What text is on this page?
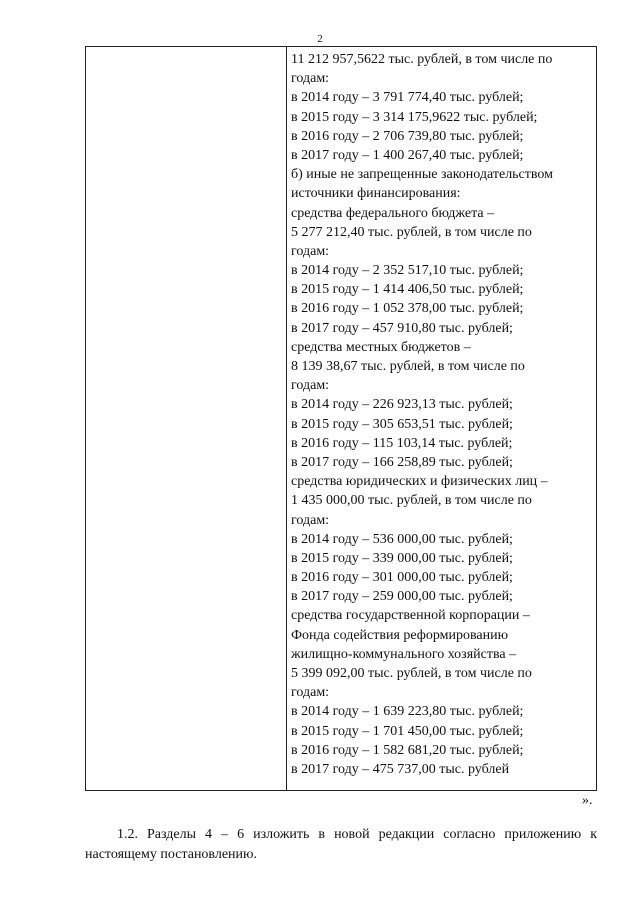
2
11 212 957,5622 тыс. рублей, в том числе по
годам:
в 2014 году – 3 791 774,40 тыс. рублей;
в 2015 году – 3 314 175,9622 тыс. рублей;
в 2016 году – 2 706 739,80 тыс. рублей;
в 2017 году – 1 400 267,40 тыс. рублей;
б) иные не запрещенные законодательством
источники финансирования:
средства федерального бюджета –
5 277 212,40 тыс. рублей, в том числе по
годам:
в 2014 году – 2 352 517,10 тыс. рублей;
в 2015 году – 1 414 406,50 тыс. рублей;
в 2016 году – 1 052 378,00 тыс. рублей;
в 2017 году – 457 910,80 тыс. рублей;
средства местных бюджетов –
8 139 38,67 тыс. рублей, в том числе по
годам:
в 2014 году – 226 923,13 тыс. рублей;
в 2015 году – 305 653,51 тыс. рублей;
в 2016 году – 115 103,14 тыс. рублей;
в 2017 году – 166 258,89 тыс. рублей;
средства юридических и физических лиц –
1 435 000,00 тыс. рублей, в том числе по
годам:
в 2014 году – 536 000,00 тыс. рублей;
в 2015 году – 339 000,00 тыс. рублей;
в 2016 году – 301 000,00 тыс. рублей;
в 2017 году – 259 000,00 тыс. рублей;
средства государственной корпорации –
Фонда содействия реформированию
жилищно-коммунального хозяйства –
5 399 092,00 тыс. рублей, в том числе по
годам:
в 2014 году – 1 639 223,80 тыс. рублей;
в 2015 году – 1 701 450,00 тыс. рублей;
в 2016 году – 1 582 681,20 тыс. рублей;
в 2017 году – 475 737,00 тыс. рублей
».
1.2. Разделы 4 – 6 изложить в новой редакции согласно приложению к настоящему постановлению.
